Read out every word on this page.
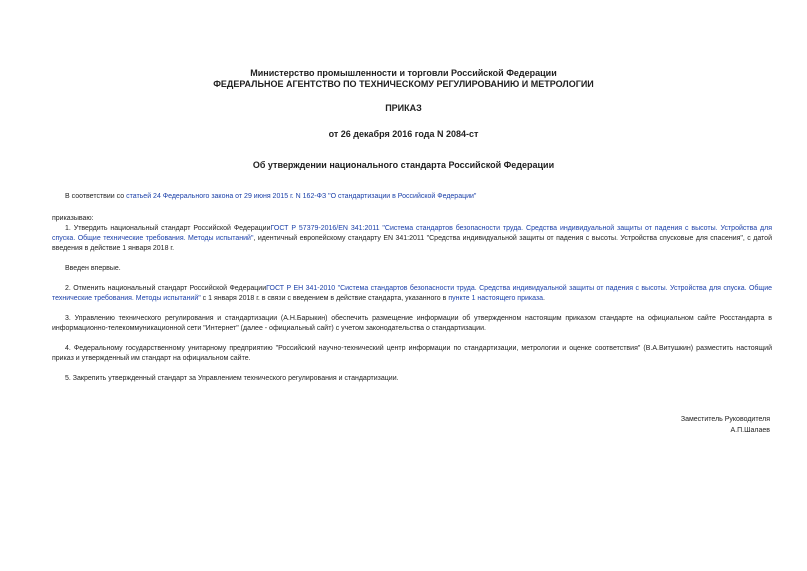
Министерство промышленности и торговли Российской Федерации
ФЕДЕРАЛЬНОЕ АГЕНТСТВО ПО ТЕХНИЧЕСКОМУ РЕГУЛИРОВАНИЮ И МЕТРОЛОГИИ
ПРИКАЗ
от 26 декабря 2016 года N 2084-ст
Об утверждении национального стандарта Российской Федерации

В соответствии со статьей 24 Федерального закона от 29 июня 2015 г. N 162-ФЗ "О стандартизации в Российской Федерации"

приказываю:

1. Утвердить национальный стандарт Российской ФедерацииГОСТ Р 57379-2016/EN 341:2011 "Система стандартов безопасности труда. Средства индивидуальной защиты от падения с высоты. Устройства для спуска. Общие технические требования. Методы испытаний", идентичный европейскому стандарту EN 341:2011 "Средства индивидуальной защиты от падения с высоты. Устройства спусковые для спасения", с датой введения в действие 1 января 2018 г.

Введен впервые.

2. Отменить национальный стандарт Российской ФедерацииГОСТ Р ЕН 341-2010 "Система стандартов безопасности труда. Средства индивидуальной защиты от падения с высоты. Устройства для спуска. Общие технические требования. Методы испытаний" с 1 января 2018 г. в связи с введением в действие стандарта, указанного в пункте 1 настоящего приказа.

3. Управлению технического регулирования и стандартизации (А.Н.Барыкин) обеспечить размещение информации об утвержденном настоящим приказом стандарте на официальном сайте Росстандарта в информационно-телекоммуникационной сети "Интернет" (далее - официальный сайт) с учетом законодательства о стандартизации.

4. Федеральному государственному унитарному предприятию "Российский научно-технический центр информации по стандартизации, метрологии и оценке соответствия" (В.А.Витушкин) разместить настоящий приказ и утвержденный им стандарт на официальном сайте.

5. Закрепить утвержденный стандарт за Управлением технического регулирования и стандартизации.

Заместитель Руководителя
А.П.Шалаев
